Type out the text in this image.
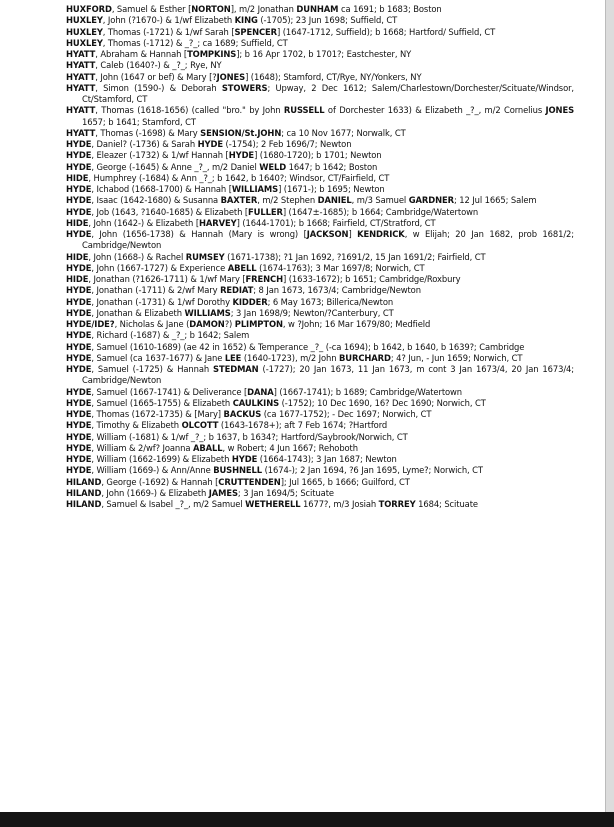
HUXFORD, Samuel & Esther [NORTON], m/2 Jonathan DUNHAM ca 1691; b 1683; Boston
HUXLEY, John (?1670-) & 1/wf Elizabeth KING (-1705); 23 Jun 1698; Suffield, CT
HUXLEY, Thomas (-1721) & 1/wf Sarah [SPENCER] (1647-1712, Suffield); b 1668; Hartford/ Suffield, CT
HUXLEY, Thomas (-1712) & _?_; ca 1689; Suffield, CT
HYATT, Abraham & Hannah [TOMPKINS]; b 16 Apr 1702, b 1701?; Eastchester, NY
HYATT, Caleb (1640?-) & _?_; Rye, NY
HYATT, John (1647 or bef) & Mary [?JONES] (1648); Stamford, CT/Rye, NY/Yonkers, NY
HYATT, Simon (1590-) & Deborah STOWERS; Upway, 2 Dec 1612; Salem/Charlestown/Dorchester/Scituate/Windsor, Ct/Stamford, CT
HYATT, Thomas (1618-1656) (called "bro." by John RUSSELL of Dorchester 1633) & Elizabeth _?_, m/2 Cornelius JONES 1657; b 1641; Stamford, CT
HYATT, Thomas (-1698) & Mary SENSION/St.JOHN; ca 10 Nov 1677; Norwalk, CT
HYDE, Daniel? (-1736) & Sarah HYDE (-1754); 2 Feb 1696/7; Newton
HYDE, Eleazer (-1732) & 1/wf Hannah [HYDE] (1680-1720); b 1701; Newton
HYDE, George (-1645) & Anne _?_, m/2 Daniel WELD 1647; b 1642; Boston
HIDE, Humphrey (-1684) & Ann _?_; b 1642, b 1640?; Windsor, CT/Fairfield, CT
HYDE, Ichabod (1668-1700) & Hannah [WILLIAMS] (1671-); b 1695; Newton
HYDE, Isaac (1642-1680) & Susanna BAXTER, m/2 Stephen DANIEL, m/3 Samuel GARDNER; 12 Jul 1665; Salem
HYDE, Job (1643, ?1640-1685) & Elizabeth [FULLER] (1647±-1685); b 1664; Cambridge/Watertown
HIDE, John (1642-) & Elizabeth [HARVEY] (1644-1701); b 1668; Fairfield, CT/Stratford, CT
HYDE, John (1656-1738) & Hannah (Mary is wrong) [JACKSON] KENDRICK, w Elijah; 20 Jan 1682, prob 1681/2; Cambridge/Newton
HIDE, John (1668-) & Rachel RUMSEY (1671-1738); ?1 Jan 1692, ?1691/2, 15 Jan 1691/2; Fairfield, CT
HYDE, John (1667-1727) & Experience ABELL (1674-1763); 3 Mar 1697/8; Norwich, CT
HIDE, Jonathan (?1626-1711) & 1/wf Mary [FRENCH] (1633-1672); b 1651; Cambridge/Roxbury
HYDE, Jonathan (-1711) & 2/wf Mary REDIAT; 8 Jan 1673, 1673/4; Cambridge/Newton
HYDE, Jonathan (-1731) & 1/wf Dorothy KIDDER; 6 May 1673; Billerica/Newton
HYDE, Jonathan & Elizabeth WILLIAMS; 3 Jan 1698/9; Newton/?Canterbury, CT
HYDE/IDE?, Nicholas & Jane (DAMON?) PLIMPTON, w ?John; 16 Mar 1679/80; Medfield
HYDE, Richard (-1687) & _?_; b 1642; Salem
HYDE, Samuel (1610-1689) (ae 42 in 1652) & Temperance _?_ (-ca 1694); b 1642, b 1640, b 1639?; Cambridge
HYDE, Samuel (ca 1637-1677) & Jane LEE (1640-1723), m/2 John BURCHARD; 4? Jun, - Jun 1659; Norwich, CT
HYDE, Samuel (-1725) & Hannah STEDMAN (-1727); 20 Jan 1673, 11 Jan 1673, m cont 3 Jan 1673/4, 20 Jan 1673/4; Cambridge/Newton
HYDE, Samuel (1667-1741) & Deliverance [DANA] (1667-1741); b 1689; Cambridge/Watertown
HYDE, Samuel (1665-1755) & Elizabeth CAULKINS (-1752); 10 Dec 1690, 16? Dec 1690; Norwich, CT
HYDE, Thomas (1672-1735) & [Mary] BACKUS (ca 1677-1752); - Dec 1697; Norwich, CT
HYDE, Timothy & Elizabeth OLCOTT (1643-1678+); aft 7 Feb 1674; ?Hartford
HYDE, William (-1681) & 1/wf _?_; b 1637, b 1634?; Hartford/Saybrook/Norwich, CT
HYDE, William & 2/wf? Joanna ABALL, w Robert; 4 Jun 1667; Rehoboth
HYDE, William (1662-1699) & Elizabeth HYDE (1664-1743); 3 Jan 1687; Newton
HYDE, William (1669-) & Ann/Anne BUSHNELL (1674-); 2 Jan 1694, ?6 Jan 1695, Lyme?; Norwich, CT
HILAND, George (-1692) & Hannah [CRUTTENDEN]; Jul 1665, b 1666; Guilford, CT
HILAND, John (1669-) & Elizabeth JAMES; 3 Jan 1694/5; Scituate
HILAND, Samuel & Isabel _?_, m/2 Samuel WETHERELL 1677?, m/3 Josiah TORREY 1684; Scituate
